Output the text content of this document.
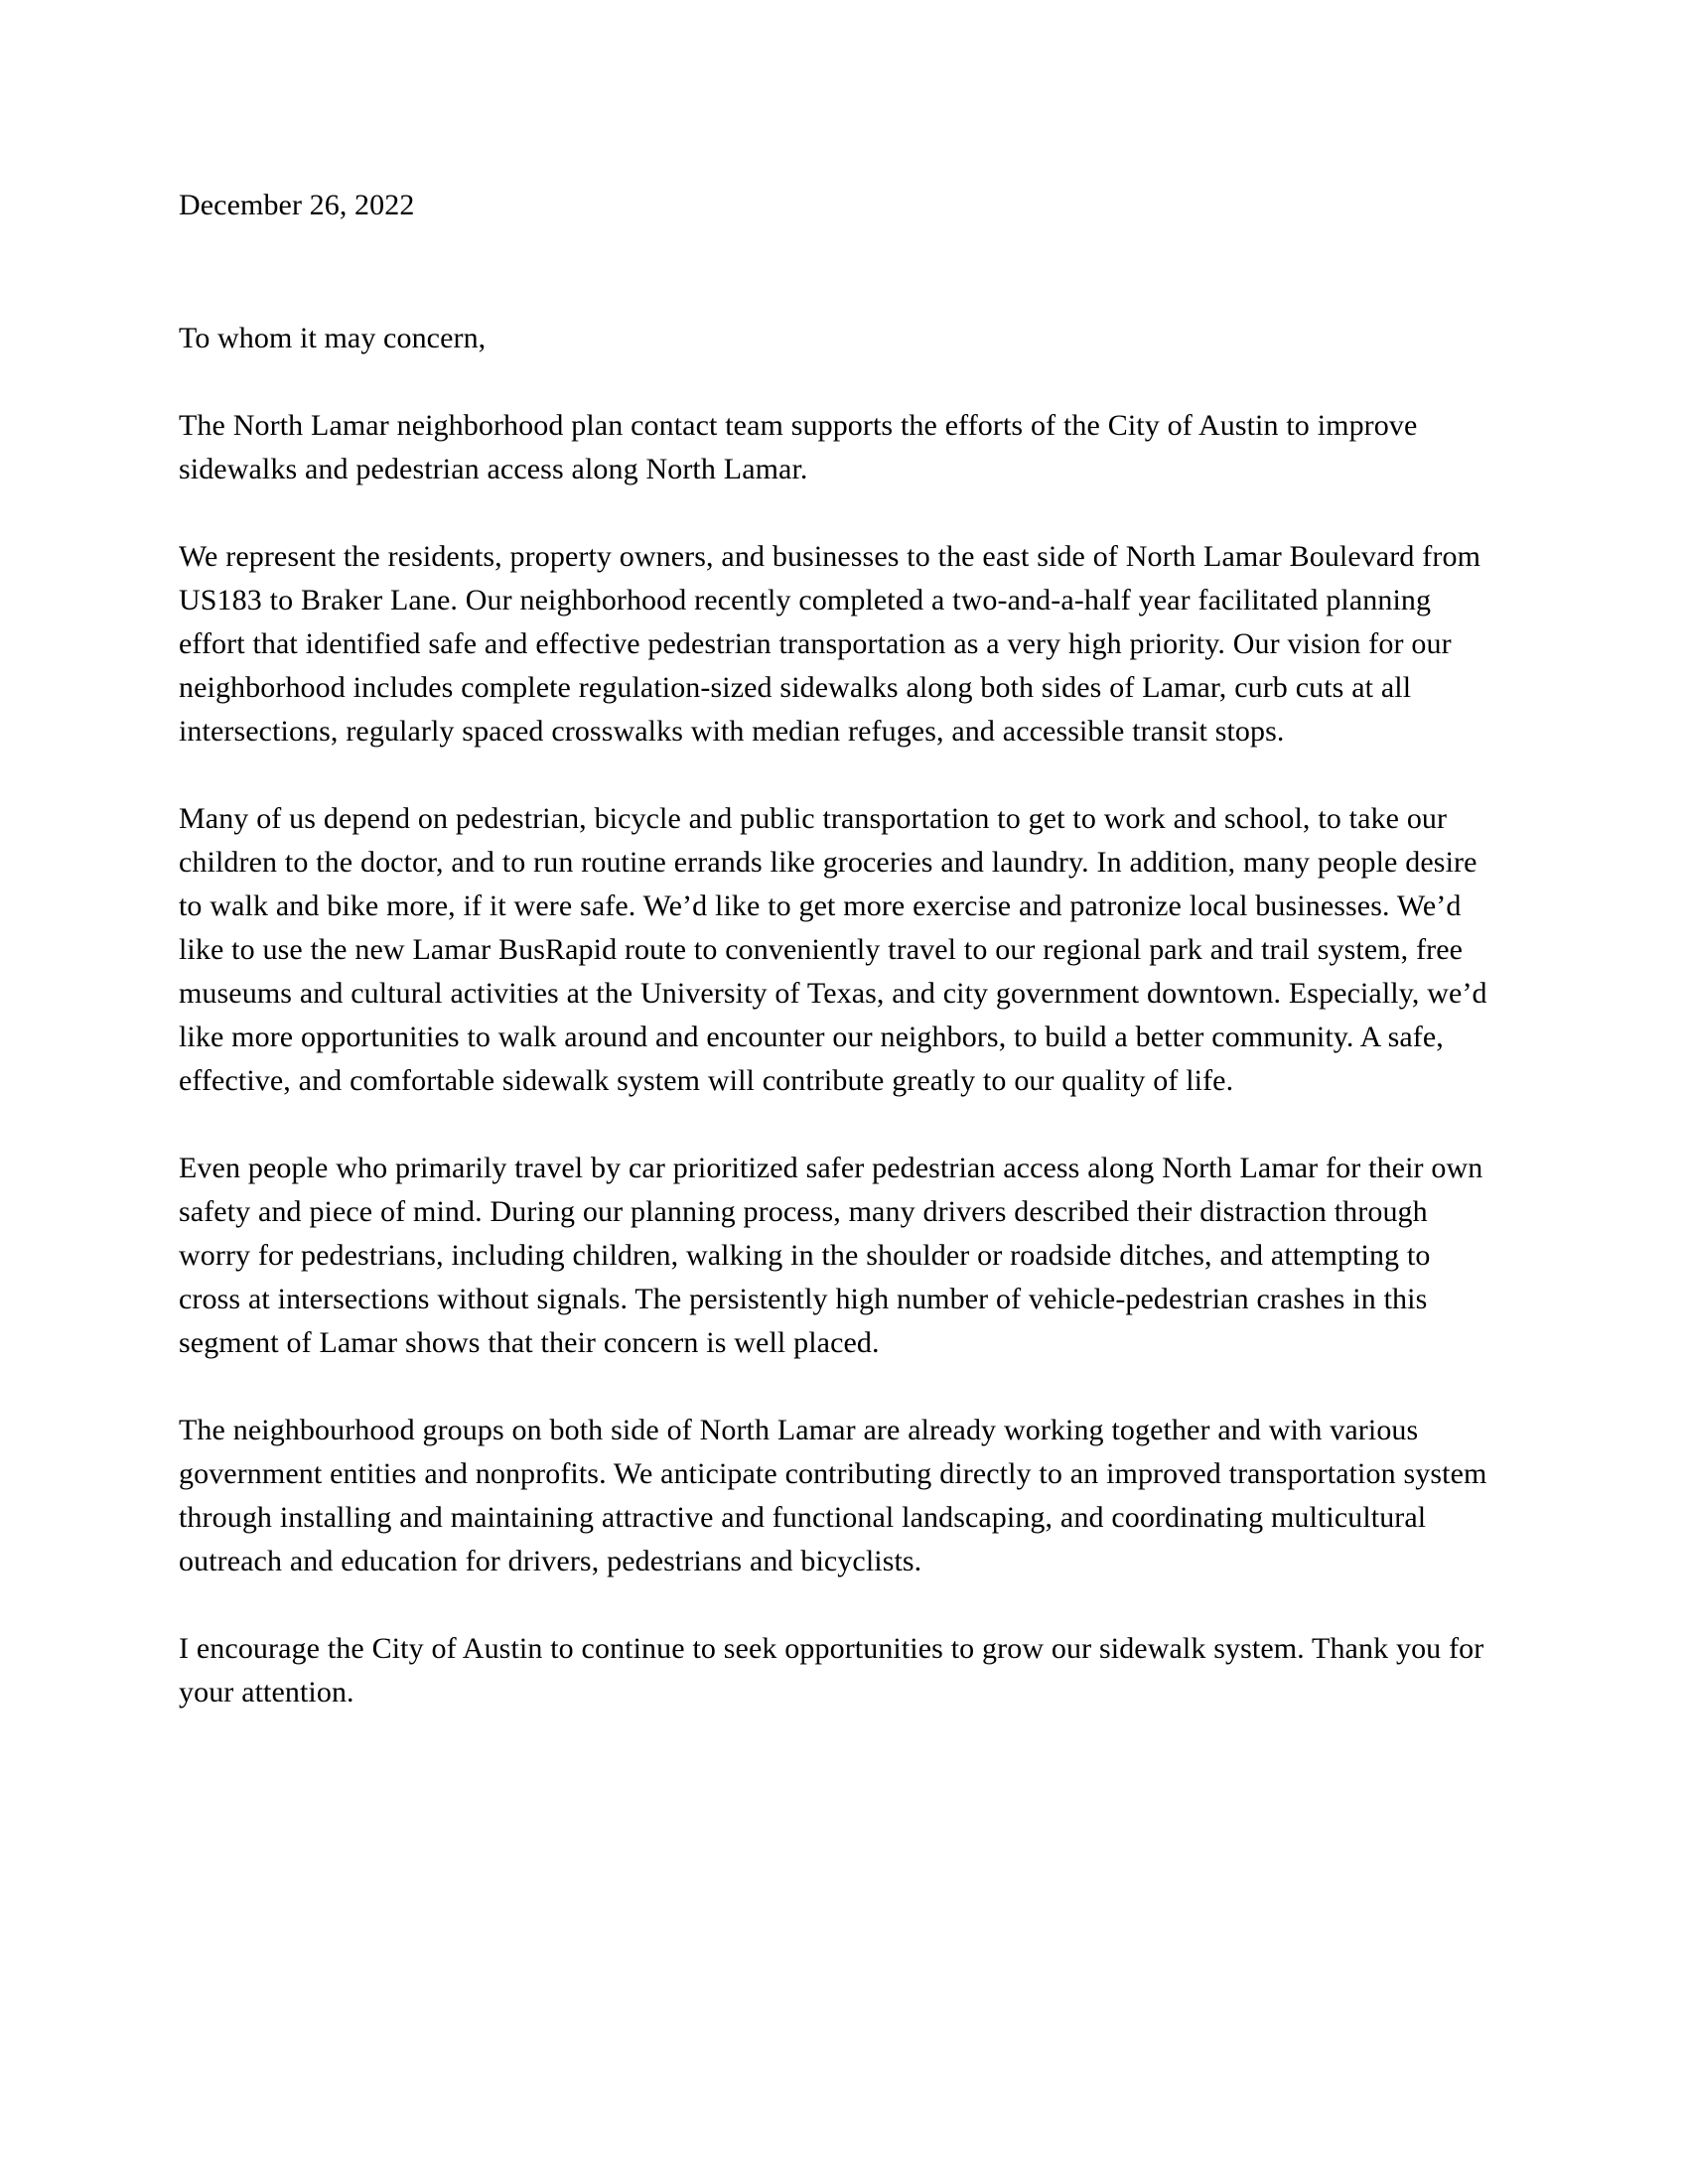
December 26, 2022

To whom it may concern,

The North Lamar neighborhood plan contact team supports the efforts of the City of Austin to improve sidewalks and pedestrian access along North Lamar.

We represent the residents, property owners, and businesses to the east side of North Lamar Boulevard from US183 to Braker Lane. Our neighborhood recently completed a two-and-a-half year facilitated planning effort that identified safe and effective pedestrian transportation as a very high priority. Our vision for our neighborhood includes complete regulation-sized sidewalks along both sides of Lamar, curb cuts at all intersections, regularly spaced crosswalks with median refuges, and accessible transit stops.

Many of us depend on pedestrian, bicycle and public transportation to get to work and school, to take our children to the doctor, and to run routine errands like groceries and laundry. In addition, many people desire to walk and bike more, if it were safe. We’d like to get more exercise and patronize local businesses. We’d like to use the new Lamar BusRapid route to conveniently travel to our regional park and trail system, free museums and cultural activities at the University of Texas, and city government downtown. Especially, we’d like more opportunities to walk around and encounter our neighbors, to build a better community. A safe, effective, and comfortable sidewalk system will contribute greatly to our quality of life.

Even people who primarily travel by car prioritized safer pedestrian access along North Lamar for their own safety and piece of mind. During our planning process, many drivers described their distraction through worry for pedestrians, including children, walking in the shoulder or roadside ditches, and attempting to cross at intersections without signals. The persistently high number of vehicle-pedestrian crashes in this segment of Lamar shows that their concern is well placed.

The neighbourhood groups on both side of North Lamar are already working together and with various government entities and nonprofits. We anticipate contributing directly to an improved transportation system through installing and maintaining attractive and functional landscaping, and coordinating multicultural outreach and education for drivers, pedestrians and bicyclists.

I encourage the City of Austin to continue to seek opportunities to grow our sidewalk system. Thank you for your attention.
